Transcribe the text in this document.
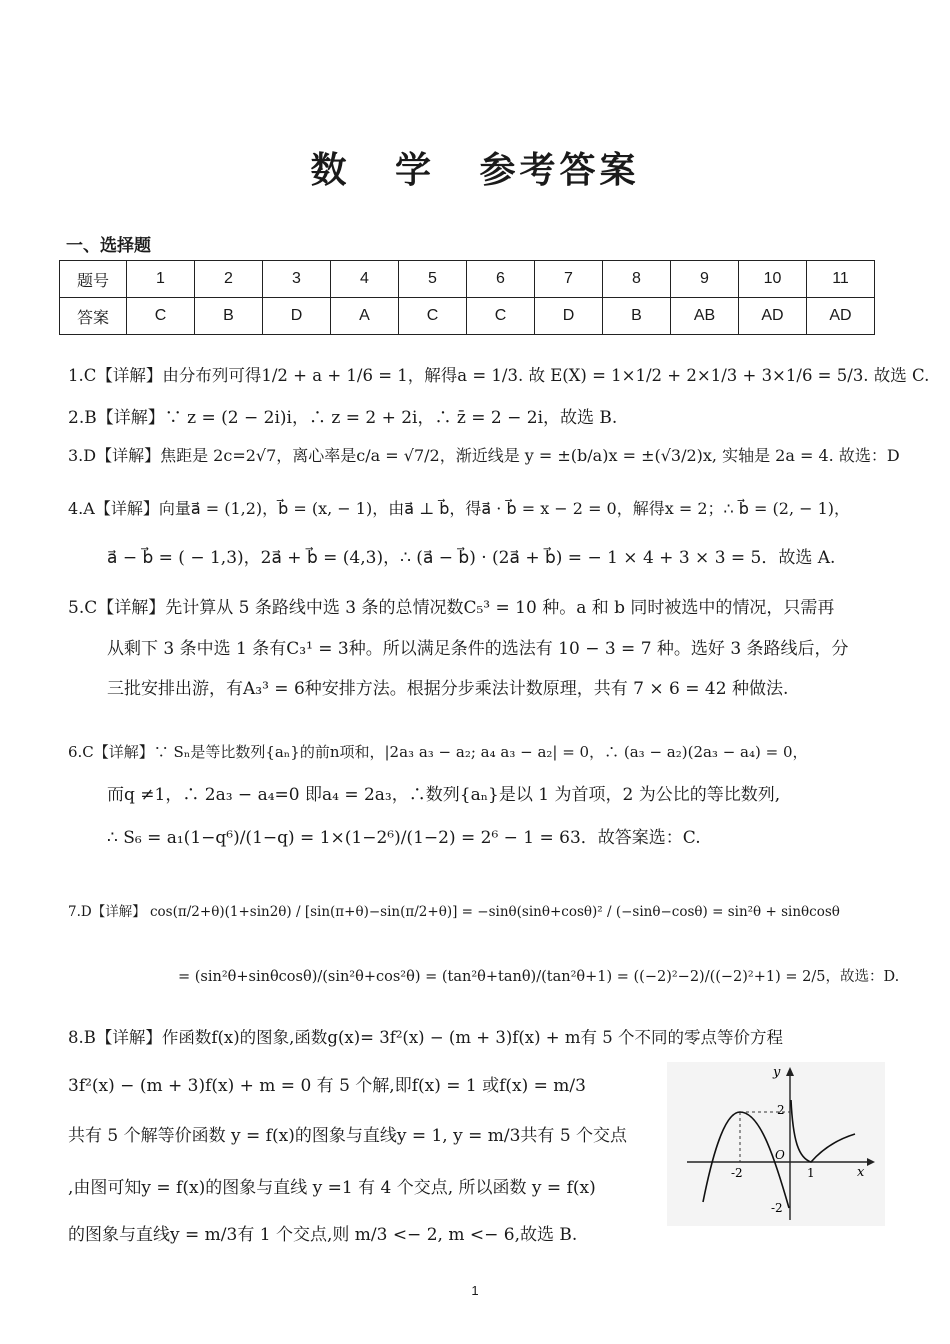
数 学 参考答案
一、选择题
题号	1	2	3	4	5	6	7	8	9	10	11
答案	C	B	D	A	C	C	D	B	AB	AD	AD
1.C【详解】由分布列可得1/2 + a + 1/6 = 1，解得a = 1/3. 故 E(X) = 1×1/2 + 2×1/3 + 3×1/6 = 5/3. 故选 C.
2.B【详解】∵ z = (2 − 2i)i，∴ z = 2 + 2i，∴ z̄ = 2 − 2i，故选 B.
3.D【详解】焦距是 2c=2√7，离心率是c/a = √7/2，渐近线是 y = ±(b/a)x = ±(√3/2)x, 实轴是 2a = 4. 故选：D
4.A【详解】向量a⃗ = (1,2)，b⃗ = (x, − 1)，由a⃗ ⊥ b⃗，得a⃗ · b⃗ = x − 2 = 0，解得x = 2；∴ b⃗ = (2, − 1)，
a⃗ − b⃗ = ( − 1,3)，2a⃗ + b⃗ = (4,3)，∴ (a⃗ − b⃗) · (2a⃗ + b⃗) = − 1 × 4 + 3 × 3 = 5．故选 A.
5.C【详解】先计算从 5 条路线中选 3 条的总情况数C₅³ = 10 种。a 和 b 同时被选中的情况，只需再
从剩下 3 条中选 1 条有C₃¹ = 3种。所以满足条件的选法有 10 − 3 = 7 种。选好 3 条路线后，分
三批安排出游，有A₃³ = 6种安排方法。根据分步乘法计数原理，共有 7 × 6 = 42 种做法.
6.C【详解】∵ Sₙ是等比数列{aₙ}的前n项和，|2a₃ a₃ − a₂; a₄ a₃ − a₂| = 0，∴ (a₃ − a₂)(2a₃ − a₄) = 0，
而q ≠1，∴ 2a₃ − a₄=0 即a₄ = 2a₃，∴数列{aₙ}是以 1 为首项，2 为公比的等比数列,
∴ S₆ = a₁(1−q⁶)/(1−q) = 1×(1−2⁶)/(1−2) = 2⁶ − 1 = 63．故答案选：C.
7.D【详解】 cos(π/2+θ)(1+sin2θ) / [sin(π+θ)−sin(π/2+θ)] = −sinθ(sinθ+cosθ)² / (−sinθ−cosθ) = sin²θ + sinθcosθ
= (sin²θ+sinθcosθ)/(sin²θ+cos²θ) = (tan²θ+tanθ)/(tan²θ+1) = ((−2)²−2)/((−2)²+1) = 2/5，故选：D.
8.B【详解】作函数f(x)的图象,函数g(x)= 3f²(x) − (m + 3)f(x) + m有 5 个不同的零点等价方程
3f²(x) − (m + 3)f(x) + m = 0 有 5 个解,即f(x) = 1 或f(x) = m/3
共有 5 个解等价函数 y = f(x)的图象与直线y = 1, y = m/3共有 5 个交点
,由图可知y = f(x)的图象与直线 y =1 有 4 个交点, 所以函数 y = f(x)
的图象与直线y = m/3有 1 个交点,则 m/3 <− 2, m <− 6,故选 B.
y
x
O
2
-2	1
-2
1
